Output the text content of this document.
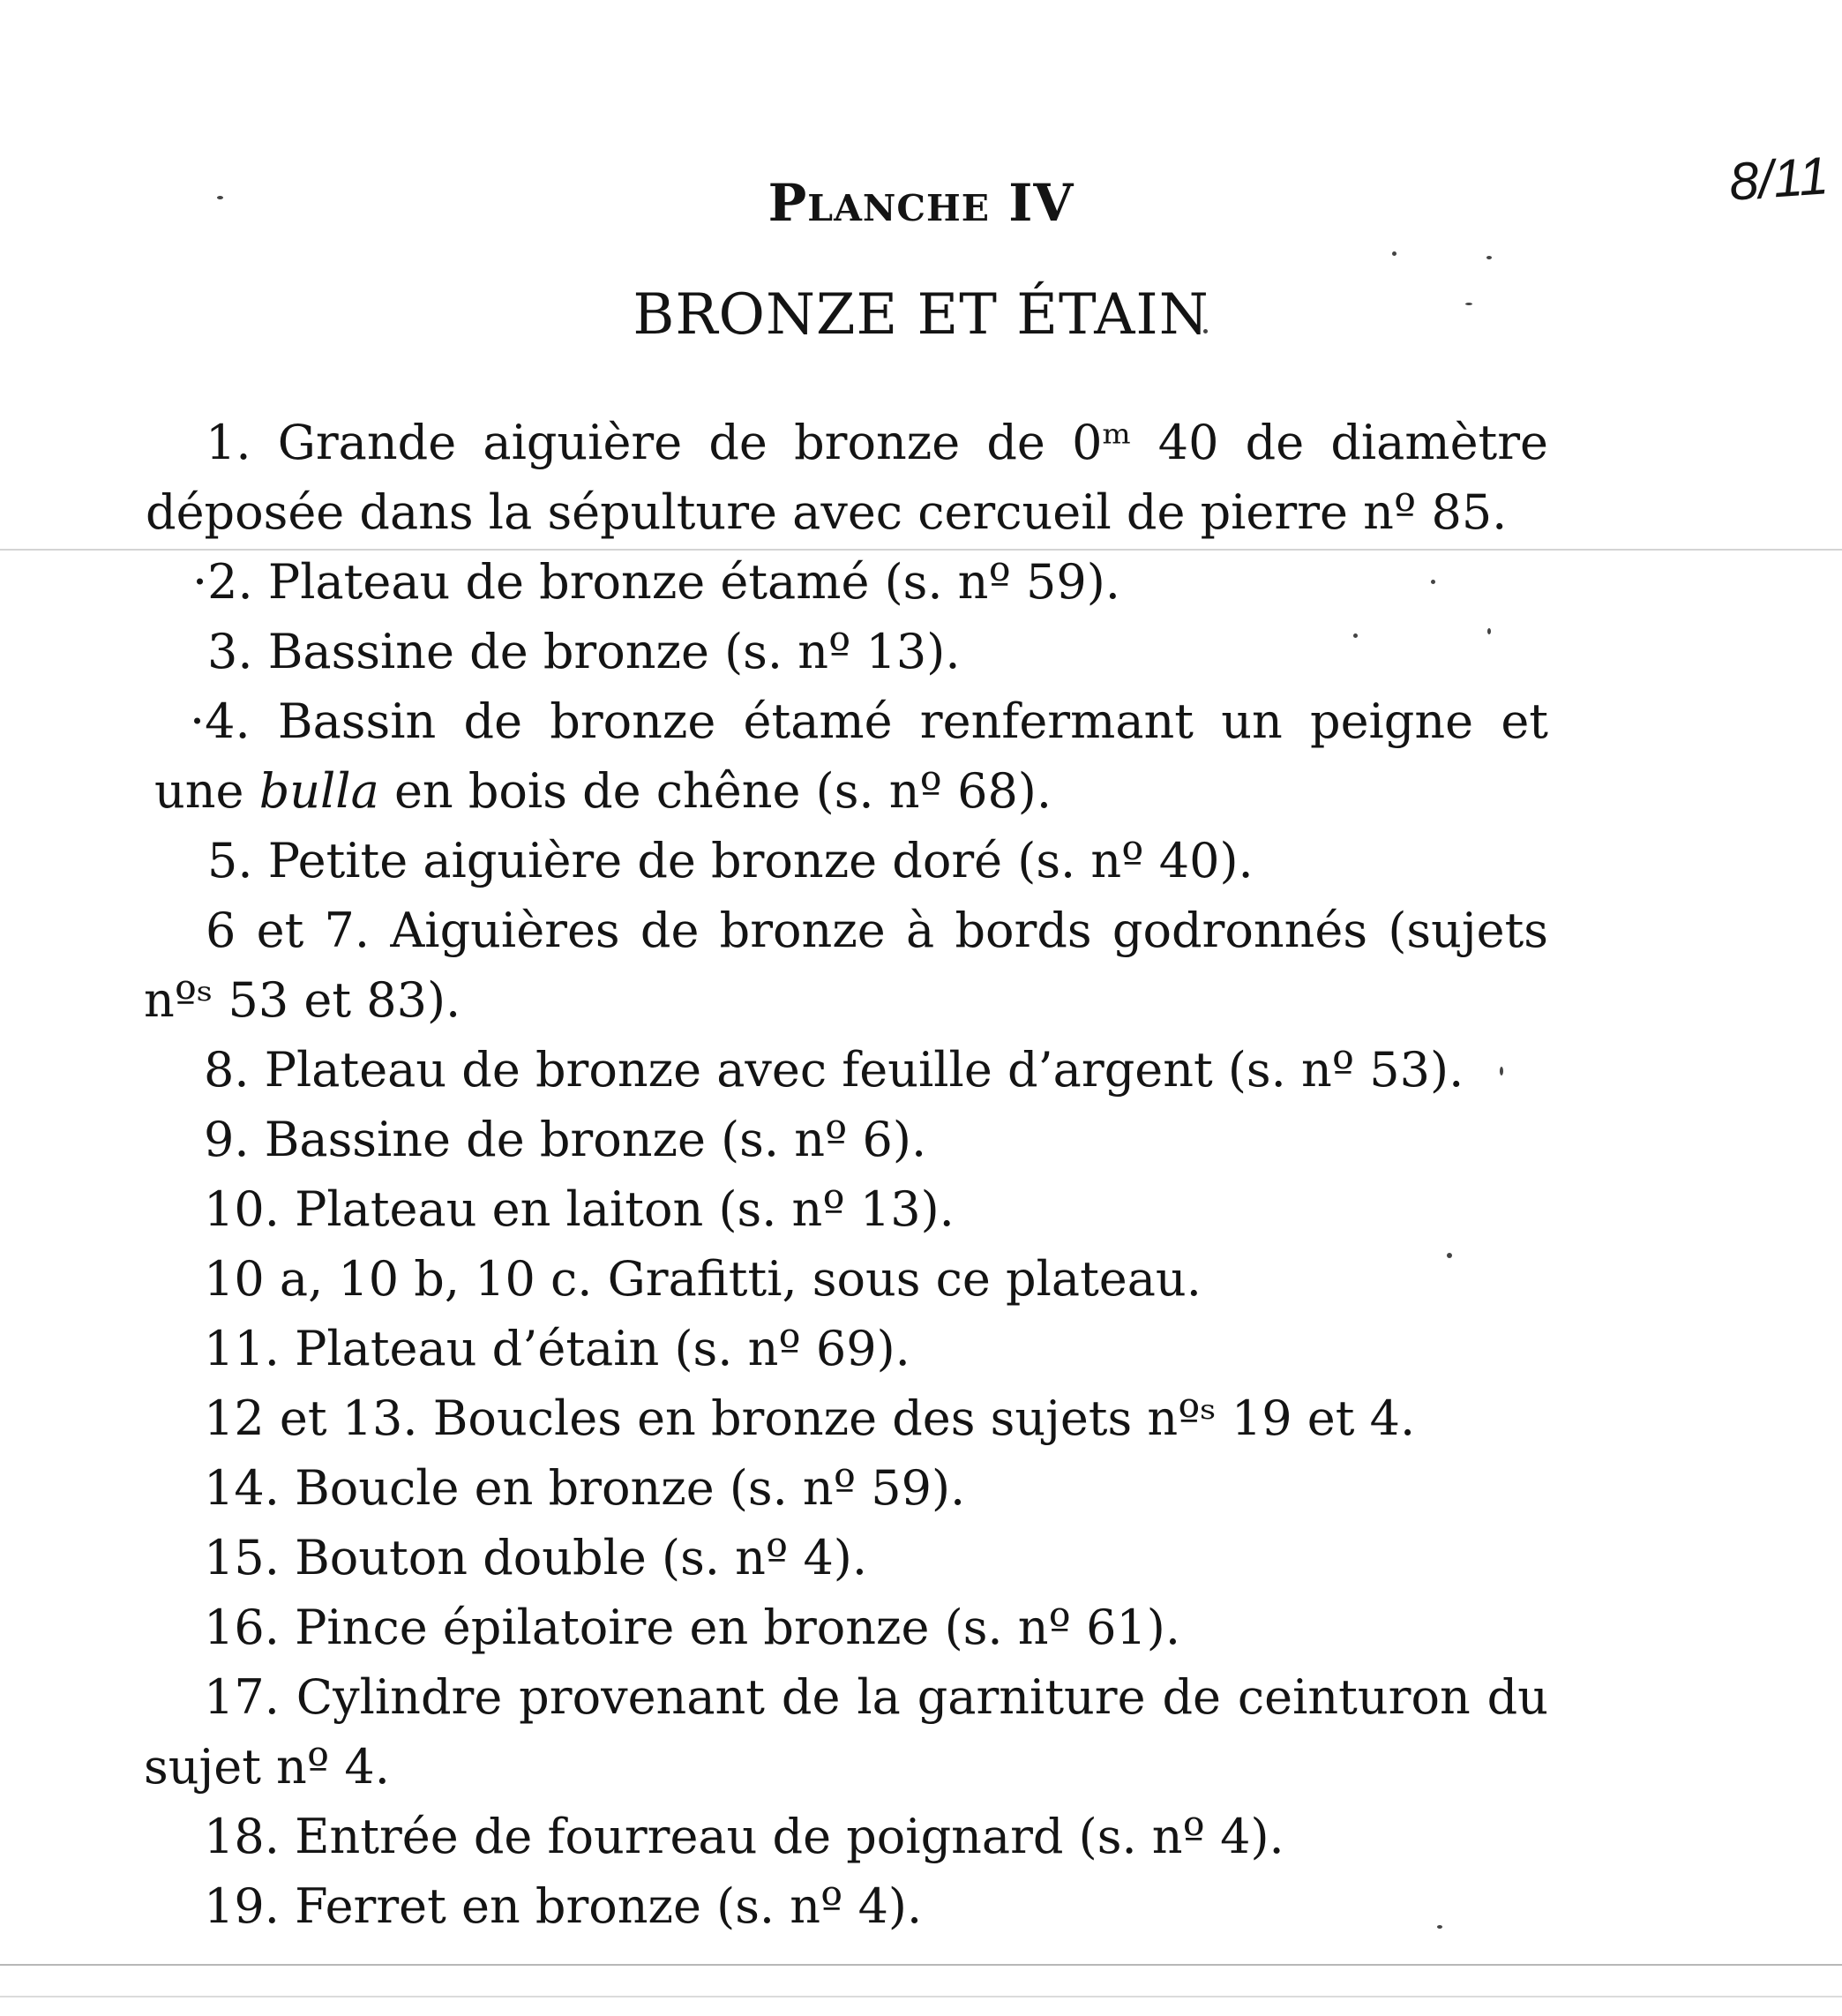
8/11
Planche IV
BRONZE ET ÉTAIN

1. Grande aiguière de bronze de 0ᵐ 40 de diamètre déposée dans la sépulture avec cercueil de pierre nº 85.

·2. Plateau de bronze étamé (s. nº 59).

3. Bassine de bronze (s. nº 13).

·4. Bassin de bronze étamé renfermant un peigne et une bulla en bois de chêne (s. nº 68).

5. Petite aiguière de bronze doré (s. nº 40).

6 et 7. Aiguières de bronze à bords godronnés (sujets nºˢ 53 et 83).

8. Plateau de bronze avec feuille d’argent (s. nº 53).

9. Bassine de bronze (s. nº 6).

10. Plateau en laiton (s. nº 13).

10 a, 10 b, 10 c. Grafitti, sous ce plateau.

11. Plateau d’étain (s. nº 69).

12 et 13. Boucles en bronze des sujets nºˢ 19 et 4.

14. Boucle en bronze (s. nº 59).

15. Bouton double (s. nº 4).

16. Pince épilatoire en bronze (s. nº 61).

17. Cylindre provenant de la garniture de ceinturon du sujet nº 4.

18. Entrée de fourreau de poignard (s. nº 4).

19. Ferret en bronze (s. nº 4).
